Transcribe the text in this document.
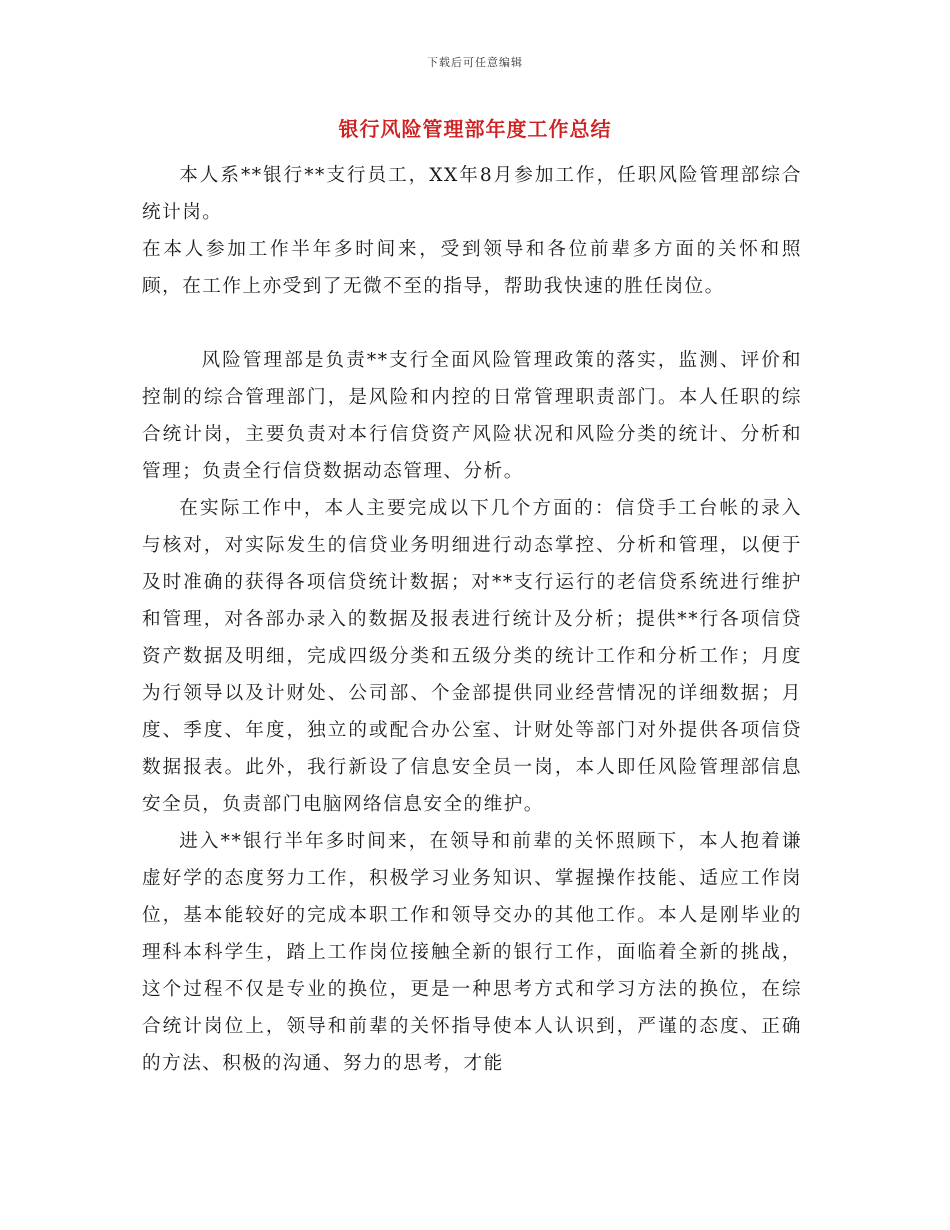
下载后可任意编辑
银行风险管理部年度工作总结

本人系**银行**支行员工，XX年8月参加工作，任职风险管理部综合统计岗。

在本人参加工作半年多时间来，受到领导和各位前辈多方面的关怀和照顾，在工作上亦受到了无微不至的指导，帮助我快速的胜任岗位。

风险管理部是负责**支行全面风险管理政策的落实，监测、评价和控制的综合管理部门，是风险和内控的日常管理职责部门。本人任职的综合统计岗，主要负责对本行信贷资产风险状况和风险分类的统计、分析和管理；负责全行信贷数据动态管理、分析。

在实际工作中，本人主要完成以下几个方面的：信贷手工台帐的录入与核对，对实际发生的信贷业务明细进行动态掌控、分析和管理，以便于及时准确的获得各项信贷统计数据；对**支行运行的老信贷系统进行维护和管理，对各部办录入的数据及报表进行统计及分析；提供**行各项信贷资产数据及明细，完成四级分类和五级分类的统计工作和分析工作；月度为行领导以及计财处、公司部、个金部提供同业经营情况的详细数据；月度、季度、年度，独立的或配合办公室、计财处等部门对外提供各项信贷数据报表。此外，我行新设了信息安全员一岗，本人即任风险管理部信息安全员，负责部门电脑网络信息安全的维护。

进入**银行半年多时间来，在领导和前辈的关怀照顾下，本人抱着谦虚好学的态度努力工作，积极学习业务知识、掌握操作技能、适应工作岗位，基本能较好的完成本职工作和领导交办的其他工作。本人是刚毕业的理科本科学生，踏上工作岗位接触全新的银行工作，面临着全新的挑战，这个过程不仅是专业的换位，更是一种思考方式和学习方法的换位，在综合统计岗位上，领导和前辈的关怀指导使本人认识到，严谨的态度、正确的方法、积极的沟通、努力的思考，才能
